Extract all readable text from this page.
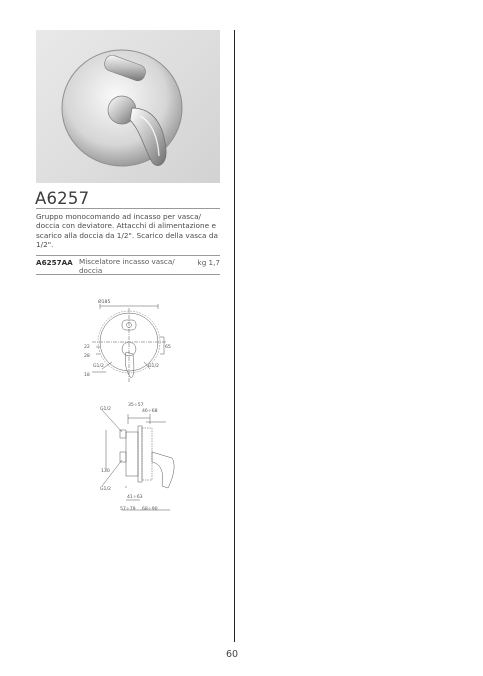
A6257
Gruppo monocomando ad incasso per vasca/ doccia con deviatore. Attacchi di alimentazione e scarico alla doccia da 1/2". Scarico della vasca da 1/2".
A6257AA Miscelatore incasso vasca/ doccia
kg 1,7
Ø185
22
28
65
G1/2	G1/2
18
G1/2
35÷57
46÷68
130
G1/2
41÷63
57÷79 68÷90
60
